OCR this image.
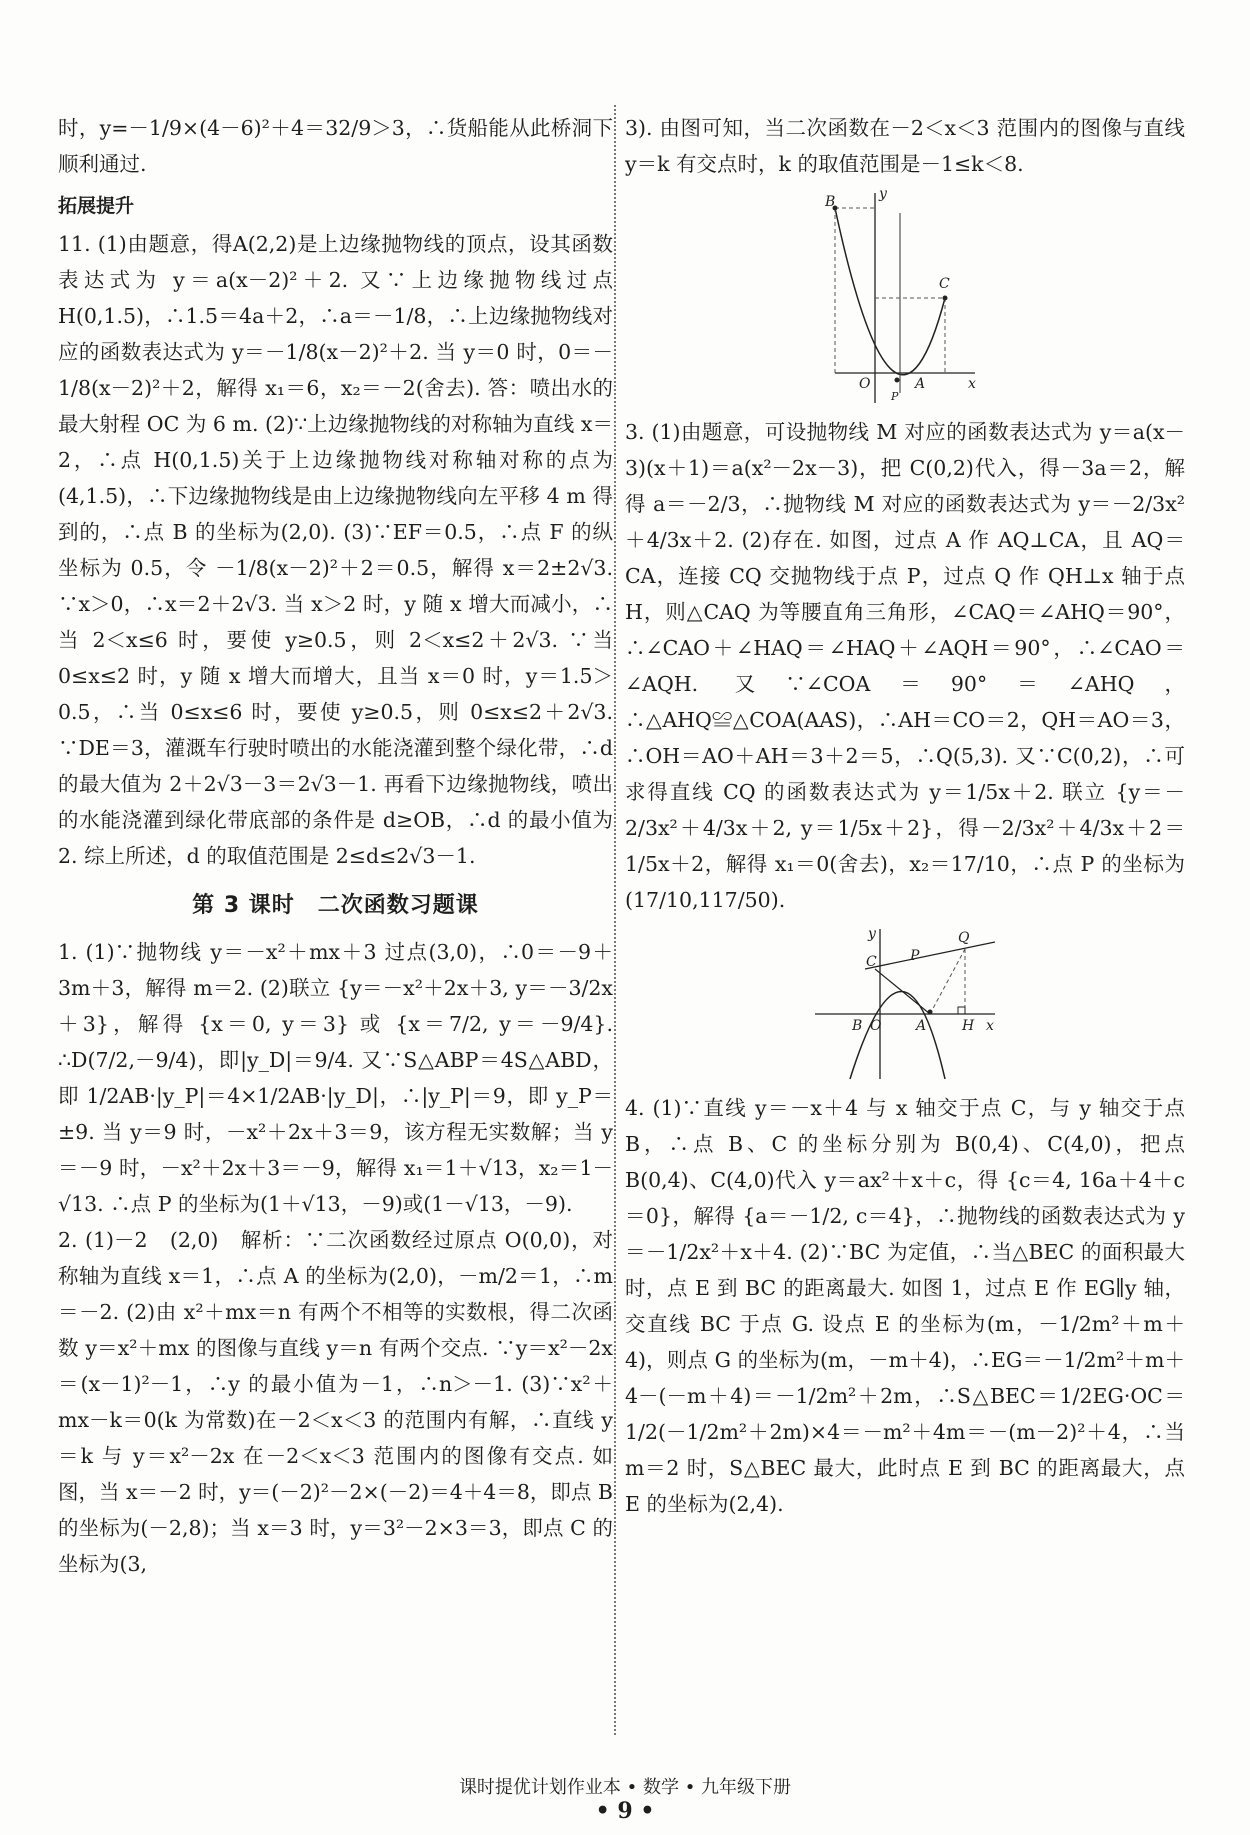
时，y=－1/9×(4－6)²＋4＝32/9＞3，∴货船能从此桥洞下顺利通过.

拓展提升

11. (1)由题意，得A(2,2)是上边缘抛物线的顶点，设其函数表达式为 y＝a(x－2)²＋2. 又∵上边缘抛物线过点 H(0,1.5)，∴1.5＝4a＋2，∴a＝－1/8，∴上边缘抛物线对应的函数表达式为 y＝－1/8(x－2)²＋2. 当 y＝0 时，0＝－1/8(x－2)²＋2，解得 x₁＝6，x₂＝－2(舍去). 答：喷出水的最大射程 OC 为 6 m. (2)∵上边缘抛物线的对称轴为直线 x＝2，∴点 H(0,1.5)关于上边缘抛物线对称轴对称的点为(4,1.5)，∴下边缘抛物线是由上边缘抛物线向左平移 4 m 得到的，∴点 B 的坐标为(2,0). (3)∵EF＝0.5，∴点 F 的纵坐标为 0.5，令 －1/8(x－2)²＋2＝0.5，解得 x＝2±2√3. ∵x＞0，∴x＝2＋2√3. 当 x＞2 时，y 随 x 增大而减小，∴当 2＜x≤6 时，要使 y≥0.5，则 2＜x≤2＋2√3. ∵当 0≤x≤2 时，y 随 x 增大而增大，且当 x＝0 时，y＝1.5＞0.5，∴当 0≤x≤6 时，要使 y≥0.5，则 0≤x≤2＋2√3. ∵DE＝3，灌溉车行驶时喷出的水能浇灌到整个绿化带，∴d 的最大值为 2＋2√3－3＝2√3－1. 再看下边缘抛物线，喷出的水能浇灌到绿化带底部的条件是 d≥OB，∴d 的最小值为 2. 综上所述，d 的取值范围是 2≤d≤2√3－1.

第 3 课时　二次函数习题课

1. (1)∵抛物线 y＝－x²＋mx＋3 过点(3,0)，∴0＝－9＋3m＋3，解得 m＝2. (2)联立 {y＝－x²＋2x＋3, y＝－3/2x＋3}，解得 {x＝0, y＝3} 或 {x＝7/2, y＝－9/4}. ∴D(7/2,－9/4)，即|y_D|＝9/4. 又∵S△ABP＝4S△ABD，即 1/2AB·|y_P|＝4×1/2AB·|y_D|，∴|y_P|＝9，即 y_P＝±9. 当 y＝9 时，－x²＋2x＋3＝9，该方程无实数解；当 y＝－9 时，－x²＋2x＋3＝－9，解得 x₁＝1＋√13，x₂＝1－√13. ∴点 P 的坐标为(1＋√13，－9)或(1－√13，－9).

2. (1)－2　(2,0)　解析：∵二次函数经过原点 O(0,0)，对称轴为直线 x＝1，∴点 A 的坐标为(2,0)，－m/2＝1，∴m＝－2. (2)由 x²＋mx＝n 有两个不相等的实数根，得二次函数 y＝x²＋mx 的图像与直线 y＝n 有两个交点. ∵y＝x²－2x＝(x－1)²－1，∴y 的最小值为－1，∴n＞－1. (3)∵x²＋mx－k＝0(k 为常数)在－2＜x＜3 的范围内有解，∴直线 y＝k 与 y＝x²－2x 在－2＜x＜3 范围内的图像有交点. 如图，当 x＝－2 时，y＝(－2)²－2×(－2)＝4＋4＝8，即点 B 的坐标为(－2,8)；当 x＝3 时，y＝3²－2×3＝3，即点 C 的坐标为(3,

3). 由图可知，当二次函数在－2＜x＜3 范围内的图像与直线 y＝k 有交点时，k 的取值范围是－1≤k＜8.

B	y
C
O	A	x
P

3. (1)由题意，可设抛物线 M 对应的函数表达式为 y＝a(x－3)(x＋1)＝a(x²－2x－3)，把 C(0,2)代入，得－3a＝2，解得 a＝－2/3，∴抛物线 M 对应的函数表达式为 y＝－2/3x²＋4/3x＋2. (2)存在. 如图，过点 A 作 AQ⊥CA，且 AQ＝CA，连接 CQ 交抛物线于点 P，过点 Q 作 QH⊥x 轴于点 H，则△CAQ 为等腰直角三角形，∠CAQ＝∠AHQ＝90°，∴∠CAO＋∠HAQ＝∠HAQ＋∠AQH＝90°，∴∠CAO＝∠AQH. 又∵∠COA＝90°＝∠AHQ，∴△AHQ≌△COA(AAS)，∴AH＝CO＝2，QH＝AO＝3，∴OH＝AO＋AH＝3＋2＝5，∴Q(5,3). 又∵C(0,2)，∴可求得直线 CQ 的函数表达式为 y＝1/5x＋2. 联立 {y＝－2/3x²＋4/3x＋2, y＝1/5x＋2}，得－2/3x²＋4/3x＋2＝1/5x＋2，解得 x₁＝0(舍去)，x₂＝17/10，∴点 P 的坐标为(17/10,117/50).

y	Q
C P
B O A	H x

4. (1)∵直线 y＝－x＋4 与 x 轴交于点 C，与 y 轴交于点 B，∴点 B、C 的坐标分别为 B(0,4)、C(4,0)，把点 B(0,4)、C(4,0)代入 y＝ax²＋x＋c，得 {c＝4, 16a＋4＋c＝0}，解得 {a＝－1/2, c＝4}，∴抛物线的函数表达式为 y＝－1/2x²＋x＋4. (2)∵BC 为定值，∴当△BEC 的面积最大时，点 E 到 BC 的距离最大. 如图 1，过点 E 作 EG∥y 轴，交直线 BC 于点 G. 设点 E 的坐标为(m，－1/2m²＋m＋4)，则点 G 的坐标为(m，－m＋4)，∴EG＝－1/2m²＋m＋4－(－m＋4)＝－1/2m²＋2m，∴S△BEC＝1/2EG·OC＝1/2(－1/2m²＋2m)×4＝－m²＋4m＝－(m－2)²＋4，∴当 m＝2 时，S△BEC 最大，此时点 E 到 BC 的距离最大，点 E 的坐标为(2,4).

课时提优计划作业本 • 数学 • 九年级下册
• 9 •
